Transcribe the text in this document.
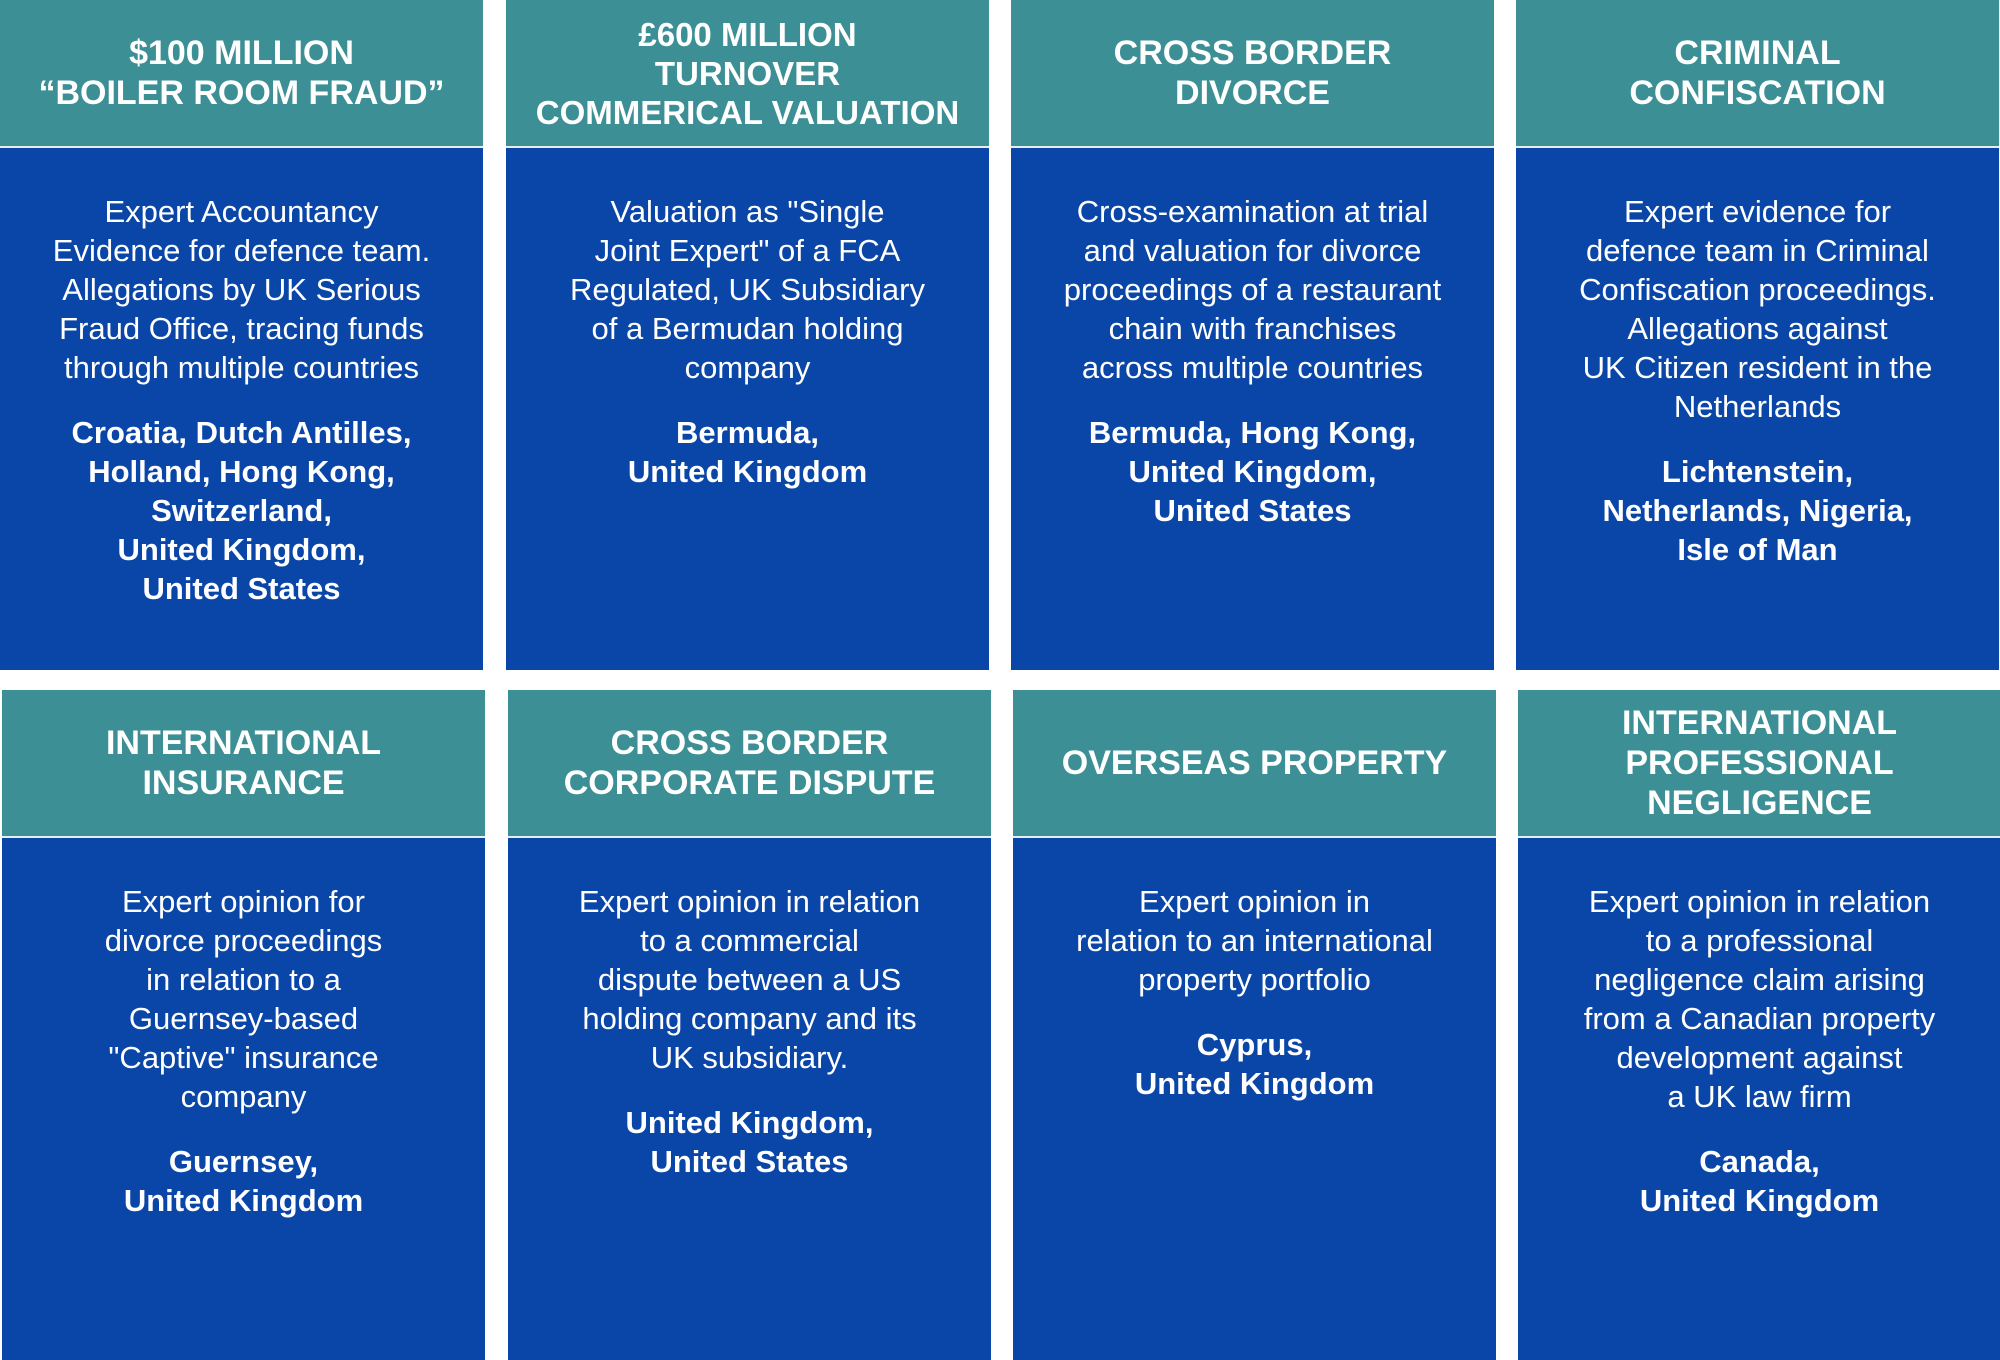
$100 MILLION
“BOILER ROOM FRAUD”

Expert Accountancy
Evidence for defence team.
Allegations by UK Serious
Fraud Office, tracing funds
through multiple countries

Croatia, Dutch Antilles,
Holland, Hong Kong,
Switzerland,
United Kingdom,
United States

£600 MILLION
TURNOVER
COMMERICAL VALUATION

Valuation as "Single
Joint Expert" of a FCA
Regulated, UK Subsidiary
of a Bermudan holding
company

Bermuda,
United Kingdom

CROSS BORDER
DIVORCE

Cross-examination at trial
and valuation for divorce
proceedings of a restaurant
chain with franchises
across multiple countries

Bermuda, Hong Kong,
United Kingdom,
United States

CRIMINAL
CONFISCATION

Expert evidence for
defence team in Criminal
Confiscation proceedings.
Allegations against
UK Citizen resident in the
Netherlands

Lichtenstein,
Netherlands, Nigeria,
Isle of Man

INTERNATIONAL
INSURANCE

Expert opinion for
divorce proceedings
in relation to a
Guernsey-based
"Captive" insurance
company

Guernsey,
United Kingdom

CROSS BORDER
CORPORATE DISPUTE

Expert opinion in relation
to a commercial
dispute between a US
holding company and its
UK subsidiary.

United Kingdom,
United States

OVERSEAS PROPERTY

Expert opinion in
relation to an international
property portfolio

Cyprus,
United Kingdom

INTERNATIONAL
PROFESSIONAL
NEGLIGENCE

Expert opinion in relation
to a professional
negligence claim arising
from a Canadian property
development against
a UK law firm

Canada,
United Kingdom
